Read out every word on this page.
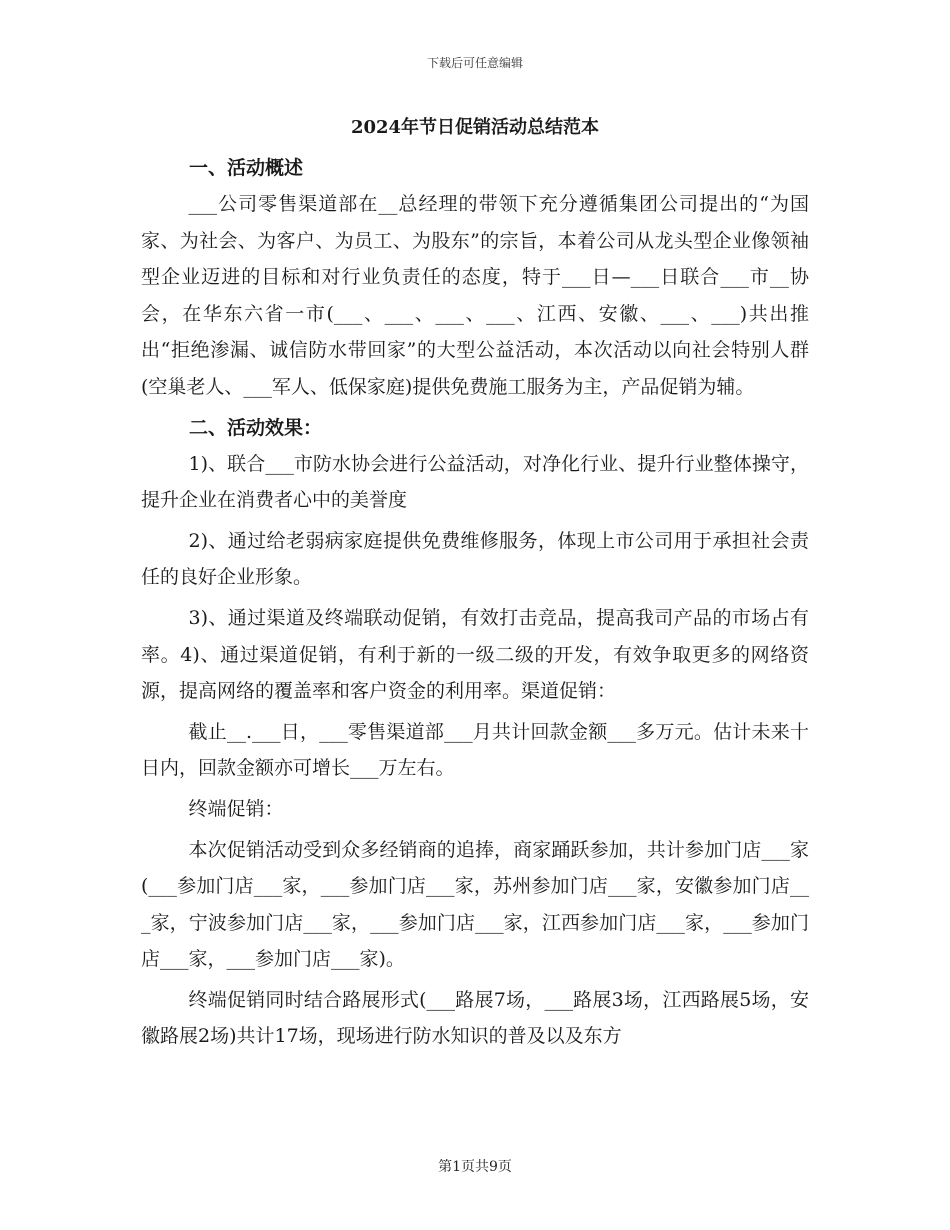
下载后可任意编辑
2024年节日促销活动总结范本
一、活动概述

___公司零售渠道部在__总经理的带领下充分遵循集团公司提出的“为国家、为社会、为客户、为员工、为股东”的宗旨，本着公司从龙头型企业像领袖型企业迈进的目标和对行业负责任的态度，特于___日—___日联合___市__协会，在华东六省一市(___、___、___、___、江西、安徽、___、___)共出推出“拒绝渗漏、诚信防水带回家”的大型公益活动，本次活动以向社会特别人群(空巢老人、___军人、低保家庭)提供免费施工服务为主，产品促销为辅。

二、活动效果：

1)、联合___市防水协会进行公益活动，对净化行业、提升行业整体操守，提升企业在消费者心中的美誉度

2)、通过给老弱病家庭提供免费维修服务，体现上市公司用于承担社会责任的良好企业形象。

3)、通过渠道及终端联动促销，有效打击竞品，提高我司产品的市场占有率。4)、通过渠道促销，有利于新的一级二级的开发，有效争取更多的网络资源，提高网络的覆盖率和客户资金的利用率。渠道促销：

截止__.___日，___零售渠道部___月共计回款金额___多万元。估计未来十日内，回款金额亦可增长___万左右。

终端促销：

本次促销活动受到众多经销商的追捧，商家踊跃参加，共计参加门店___家(___参加门店___家，___参加门店___家，苏州参加门店___家，安徽参加门店___家，宁波参加门店___家，___参加门店___家，江西参加门店___家，___参加门店___家，___参加门店___家)。

终端促销同时结合路展形式(___路展7场，___路展3场，江西路展5场，安徽路展2场)共计17场，现场进行防水知识的普及以及东方

第1页共9页
